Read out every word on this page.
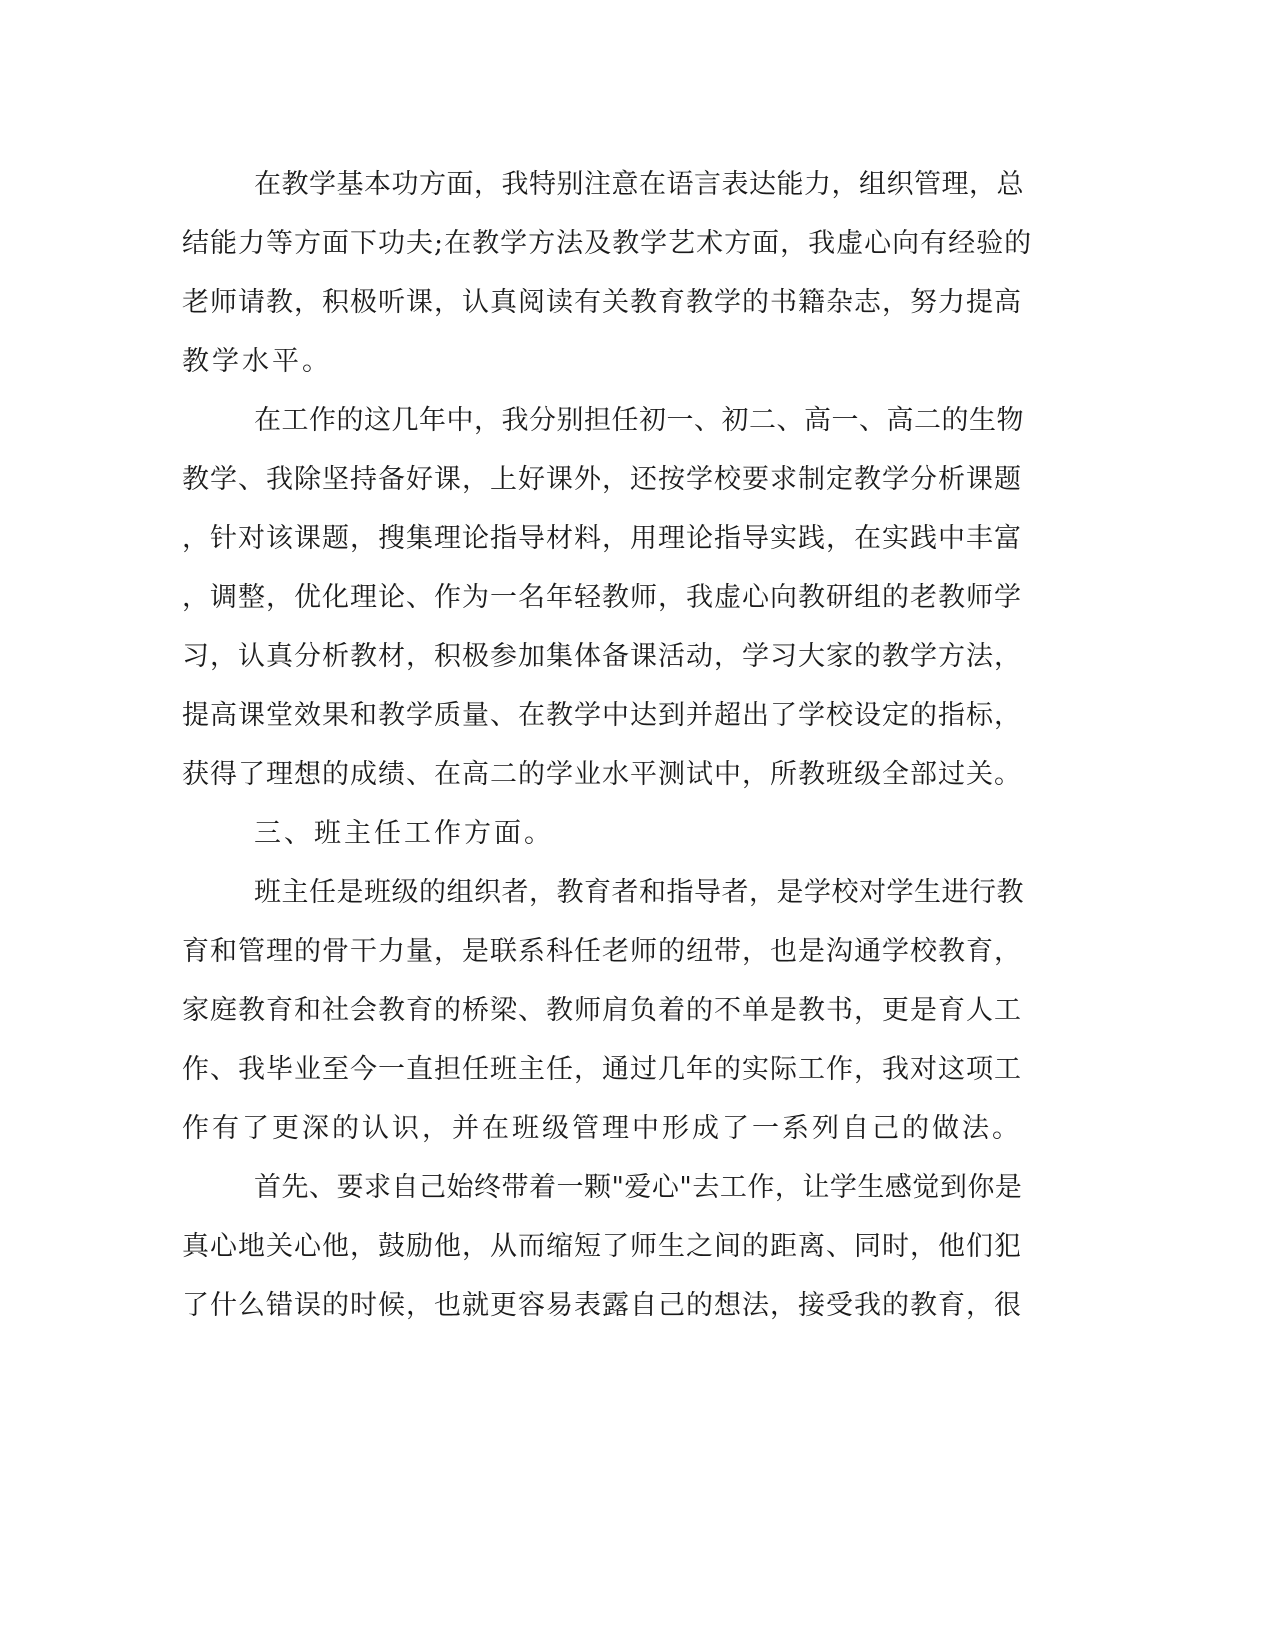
在教学基本功方面，我特别注意在语言表达能力，组织管理，总
结能力等方面下功夫;在教学方法及教学艺术方面，我虚心向有经验的
老师请教，积极听课，认真阅读有关教育教学的书籍杂志，努力提高
教学水平。
在工作的这几年中，我分别担任初一、初二、高一、高二的生物
教学、我除坚持备好课，上好课外，还按学校要求制定教学分析课题
，针对该课题，搜集理论指导材料，用理论指导实践，在实践中丰富
，调整，优化理论、作为一名年轻教师，我虚心向教研组的老教师学
习，认真分析教材，积极参加集体备课活动，学习大家的教学方法，
提高课堂效果和教学质量、在教学中达到并超出了学校设定的指标，
获得了理想的成绩、在高二的学业水平测试中，所教班级全部过关。
三、班主任工作方面。
班主任是班级的组织者，教育者和指导者，是学校对学生进行教
育和管理的骨干力量，是联系科任老师的纽带，也是沟通学校教育，
家庭教育和社会教育的桥梁、教师肩负着的不单是教书，更是育人工
作、我毕业至今一直担任班主任，通过几年的实际工作，我对这项工
作有了更深的认识，并在班级管理中形成了一系列自己的做法。
首先、要求自己始终带着一颗"爱心"去工作，让学生感觉到你是
真心地关心他，鼓励他，从而缩短了师生之间的距离、同时，他们犯
了什么错误的时候，也就更容易表露自己的想法，接受我的教育，很
